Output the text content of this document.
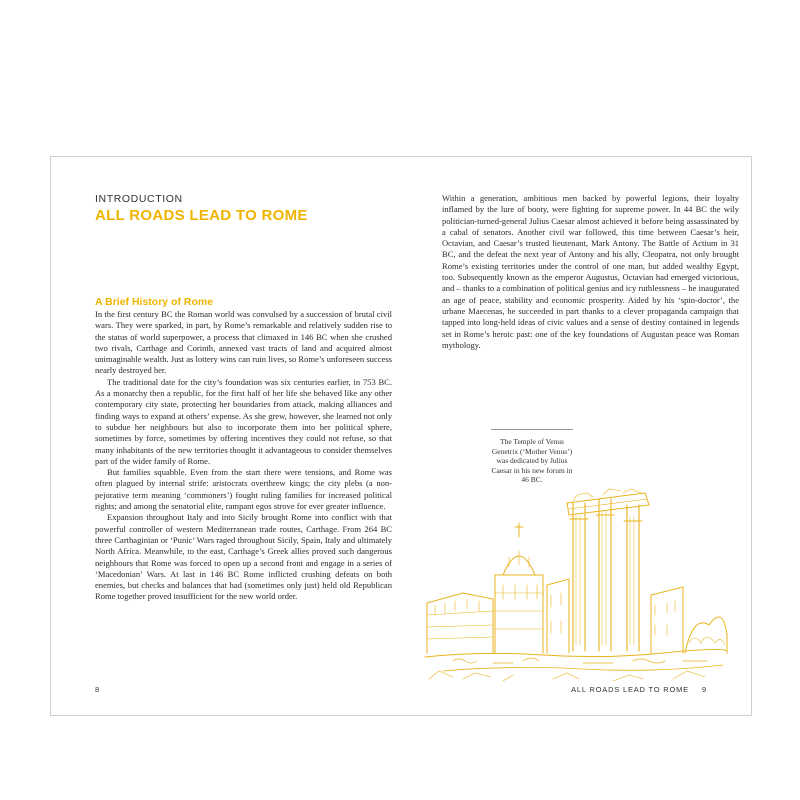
INTRODUCTION
ALL ROADS LEAD TO ROME
A Brief History of Rome

In the first century BC the Roman world was convulsed by a succession of brutal civil wars. They were sparked, in part, by Rome’s remarkable and relatively sudden rise to the status of world superpower, a process that climaxed in 146 BC when she crushed two rivals, Carthage and Corinth, annexed vast tracts of land and acquired almost unimaginable wealth. Just as lottery wins can ruin lives, so Rome’s unforeseen success nearly destroyed her.

The traditional date for the city’s foundation was six centuries earlier, in 753 BC. As a monarchy then a republic, for the first half of her life she behaved like any other contemporary city state, protecting her boundaries from attack, making alliances and finding ways to expand at others’ expense. As she grew, however, she learned not only to subdue her neighbours but also to incorporate them into her political sphere, sometimes by force, sometimes by offering incentives they could not refuse, so that many inhabitants of the new territories thought it advantageous to consider themselves part of the wider family of Rome.

But families squabble. Even from the start there were tensions, and Rome was often plagued by internal strife: aristocrats overthrew kings; the city plebs (a non-pejorative term meaning ‘commoners’) fought ruling families for increased political rights; and among the senatorial elite, rampant egos strove for ever greater influence.

Expansion throughout Italy and into Sicily brought Rome into conflict with that powerful controller of western Mediterranean trade routes, Carthage. From 264 BC three Carthaginian or ‘Punic’ Wars raged throughout Sicily, Spain, Italy and ultimately North Africa. Meanwhile, to the east, Carthage’s Greek allies proved such dangerous neighbours that Rome was forced to open up a second front and engage in a series of ‘Macedonian’ Wars. At last in 146 BC Rome inflicted crushing defeats on both enemies, but checks and balances that had (sometimes only just) held old Republican Rome together proved insufficient for the new world order.

8

Within a generation, ambitious men backed by powerful legions, their loyalty inflamed by the lure of booty, were fighting for supreme power. In 44 BC the wily politician-turned-general Julius Caesar almost achieved it before being assassinated by a cabal of senators. Another civil war followed, this time between Caesar’s heir, Octavian, and Caesar’s trusted lieutenant, Mark Antony. The Battle of Actium in 31 BC, and the defeat the next year of Antony and his ally, Cleopatra, not only brought Rome’s existing territories under the control of one man, but added wealthy Egypt, too. Subsequently known as the emperor Augustus, Octavian had emerged victorious, and – thanks to a combination of political genius and icy ruthlessness – he inaugurated an age of peace, stability and economic prosperity. Aided by his ‘spin-doctor’, the urbane Maecenas, he succeeded in part thanks to a clever propaganda campaign that tapped into long-held ideas of civic values and a sense of destiny contained in legends set in Rome’s heroic past: one of the key foundations of Augustan peace was Roman mythology.

The Temple of Venus Genetrix (‘Mother Venus’) was dedicated by Julius Caesar in his new forum in 46 BC.
ALL ROADS LEAD TO ROME 9
